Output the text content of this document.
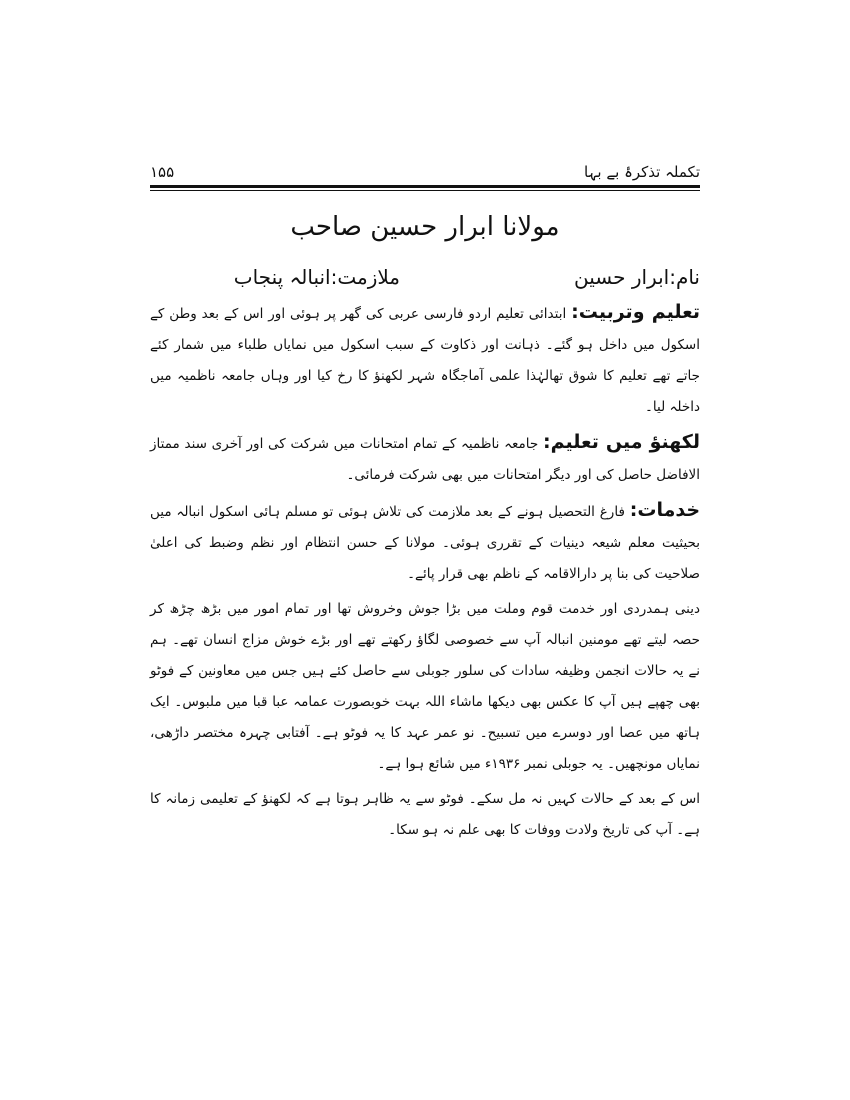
تکملہ تذکرۂ بے بہا
۱۵۵
مولانا ابرار حسین صاحب
نام:ابرار حسین
ملازمت:انبالہ پنجاب

تعلیم وتربیت: ابتدائی تعلیم اردو فارسی عربی کی گھر پر ہوئی اور اس کے بعد وطن کے اسکول میں داخل ہو گئے۔ ذہانت اور ذکاوت کے سبب اسکول میں نمایاں طلباء میں شمار کئے جاتے تھے تعلیم کا شوق تھالہٰذا علمی آماجگاہ شہر لکھنؤ کا رخ کیا اور وہاں جامعہ ناظمیہ میں داخلہ لیا۔

لکھنؤ میں تعلیم: جامعہ ناظمیہ کے تمام امتحانات میں شرکت کی اور آخری سند ممتاز الافاضل حاصل کی اور دیگر امتحانات میں بھی شرکت فرمائی۔

خدمات: فارغ التحصیل ہونے کے بعد ملازمت کی تلاش ہوئی تو مسلم ہائی اسکول انبالہ میں بحیثیت معلم شیعہ دینیات کے تقرری ہوئی۔ مولانا کے حسن انتظام اور نظم وضبط کی اعلیٰ صلاحیت کی بنا پر دارالاقامہ کے ناظم بھی قرار پائے۔

دینی ہمدردی اور خدمت قوم وملت میں بڑا جوش وخروش تھا اور تمام امور میں بڑھ چڑھ کر حصہ لیتے تھے مومنین انبالہ آپ سے خصوصی لگاؤ رکھتے تھے اور بڑے خوش مزاج انسان تھے۔ ہم نے یہ حالات انجمن وظیفہ سادات کی سلور جوبلی سے حاصل کئے ہیں جس میں معاونین کے فوٹو بھی چھپے ہیں آپ کا عکس بھی دیکھا ماشاء اللہ بہت خوبصورت عمامہ عبا قبا میں ملبوس۔ ایک ہاتھ میں عصا اور دوسرے میں تسبیح۔ نو عمر عہد کا یہ فوٹو ہے۔ آفتابی چہرہ مختصر داڑھی، نمایاں مونچھیں۔ یہ جوبلی نمبر ۱۹۳۶ء میں شائع ہوا ہے۔

اس کے بعد کے حالات کہیں نہ مل سکے۔ فوٹو سے یہ ظاہر ہوتا ہے کہ لکھنؤ کے تعلیمی زمانہ کا ہے۔ آپ کی تاریخ ولادت ووفات کا بھی علم نہ ہو سکا۔
